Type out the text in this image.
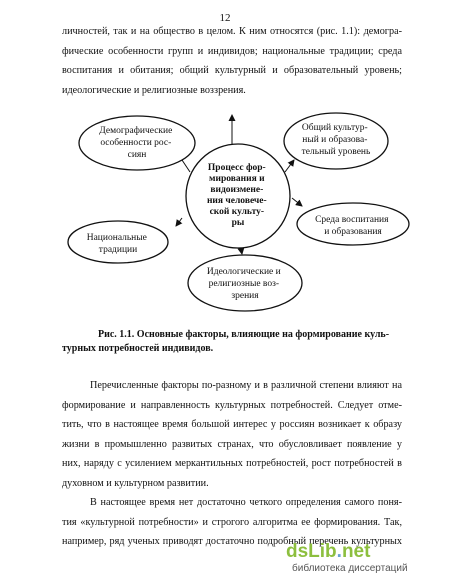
12
личностей, так и на общество в целом. К ним относятся (рис. 1.1): демогра-
фические особенности групп и индивидов; национальные традиции; среда
воспитания и обитания; общий культурный и образовательный уровень;
идеологические и религиозные воззрения.
Демографические особенности рос- сиян
Общий культур- ный и образова- тельный уровень
Процесс фор- мирования и видоизмене- ния человече- ской культу- ры	Среда воспитания и образования
Национальные традиции
Идеологические и религиозные воз- зрения
Рис. 1.1. Основные факторы, влияющие на формирование куль-
турных потребностей индивидов.
Перечисленные факторы по-разному и в различной степени влияют на
формирование и направленность культурных потребностей. Следует отме-
тить, что в настоящее время большой интерес у россиян возникает к образу
жизни в промышленно развитых странах, что обусловливает появление у
них, наряду с усилением меркантильных потребностей, рост потребностей в
духовном и культурном развитии.
В настоящее время нет достаточно четкого определения самого поня-
тия «культурной потребности» и строгого алгоритма ее формирования. Так,
например, ряд ученых приводят достаточно подробный перечень культурных
dsLib.net
библиотека диссертаций
